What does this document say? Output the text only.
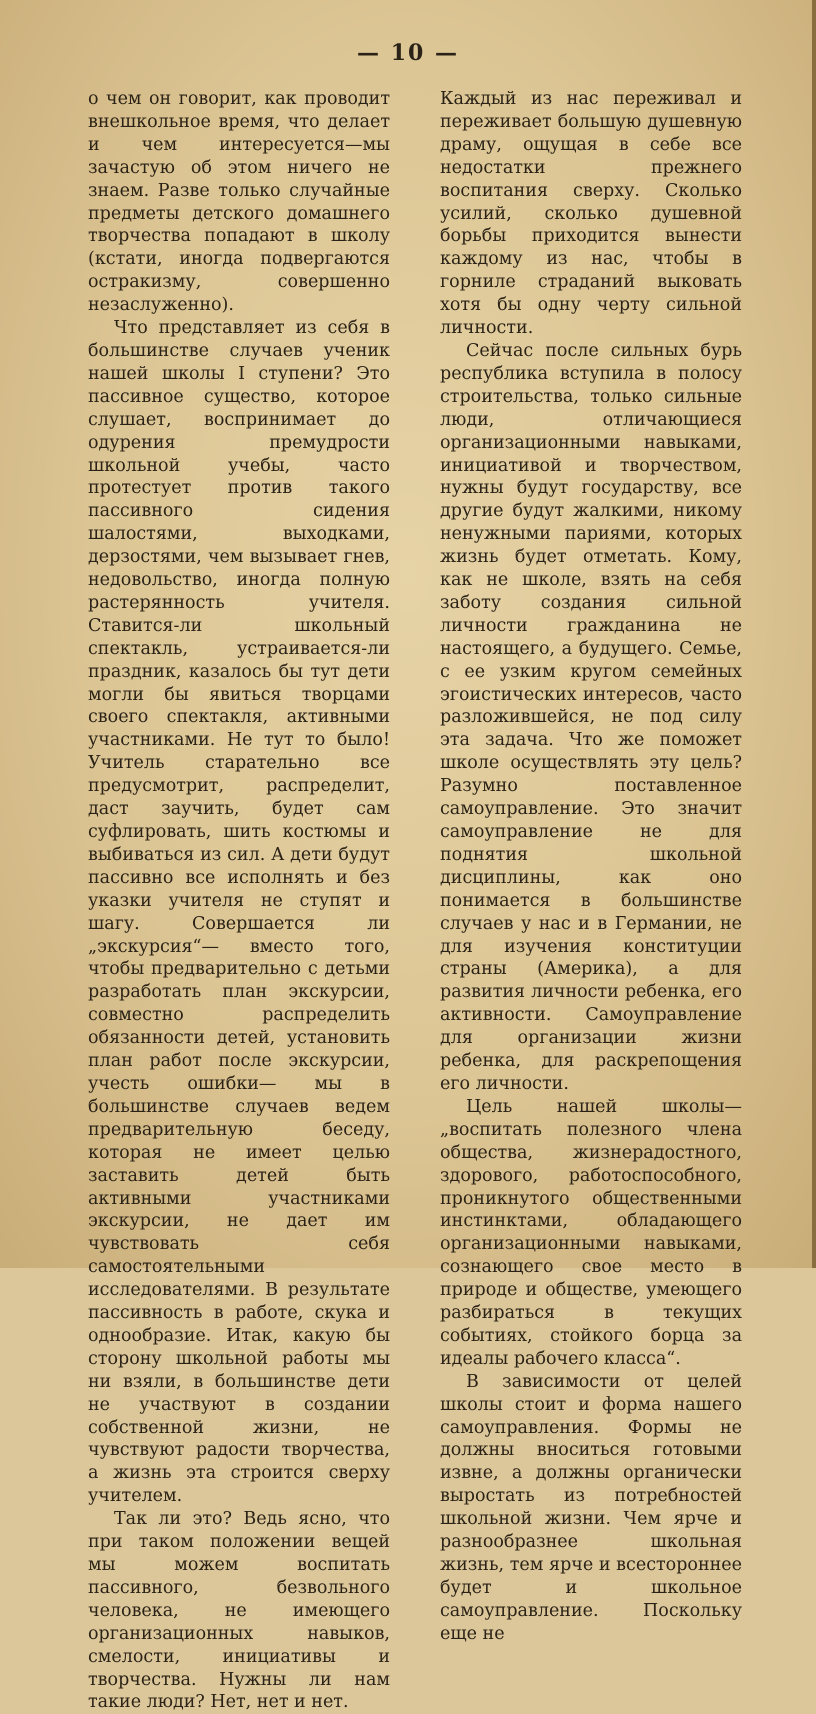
— 10 —

о чем он говорит, как проводит внешкольное время, что делает и чем интересуется—мы зачастую об этом ничего не знаем. Разве только случайные предметы детского домашнего творчества попадают в школу (кстати, иногда подвергаются остракизму, совершенно незаслуженно).

Что представляет из себя в большинстве случаев ученик нашей школы I ступени? Это пассивное существо, которое слушает, воспринимает до одурения премудрости школьной учебы, часто протестует против такого пассивного сидения шалостями, выходками, дерзостями, чем вызывает гнев, недовольство, иногда полную растерянность учителя. Ставится-ли школьный спектакль, устраивается-ли праздник, казалось бы тут дети могли бы явиться творцами своего спектакля, активными участниками. Не тут то было! Учитель старательно все предусмотрит, распределит, даст заучить, будет сам суфлировать, шить костюмы и выбиваться из сил. А дети будут пассивно все исполнять и без указки учителя не ступят и шагу. Совершается ли „экскурсия“— вместо того, чтобы предварительно с детьми разработать план экскурсии, совместно распределить обязанности детей, установить план работ после экскурсии, учесть ошибки— мы в большинстве случаев ведем предварительную беседу, которая не имеет целью заставить детей быть активными участниками экскурсии, не дает им чувствовать себя самостоятельными исследователями. В результате пассивность в работе, скука и однообразие. Итак, какую бы сторону школьной работы мы ни взяли, в большинстве дети не участвуют в создании собственной жизни, не чувствуют радости творчества, а жизнь эта строится сверху учителем.

Так ли это? Ведь ясно, что при таком положении вещей мы можем воспитать пассивного, безвольного человека, не имеющего организационных навыков, смелости, инициативы и творчества. Нужны ли нам такие люди? Нет, нет и нет.

Каждый из нас переживал и переживает большую душевную драму, ощущая в себе все недостатки прежнего воспитания сверху. Сколько усилий, сколько душевной борьбы приходится вынести каждому из нас, чтобы в горниле страданий выковать хотя бы одну черту сильной личности.

Сейчас после сильных бурь республика вступила в полосу строительства, только сильные люди, отличающиеся организационными навыками, инициативой и творчеством, нужны будут государству, все другие будут жалкими, никому ненужными париями, которых жизнь будет отметать. Кому, как не школе, взять на себя заботу создания сильной личности гражданина не настоящего, а будущего. Семье, с ее узким кругом семейных эгоистических интересов, часто разложившейся, не под силу эта задача. Что же поможет школе осуществлять эту цель? Разумно поставленное самоуправление. Это значит самоуправление не для поднятия школьной дисциплины, как оно понимается в большинстве случаев у нас и в Германии, не для изучения конституции страны (Америка), а для развития личности ребенка, его активности. Самоуправление для организации жизни ребенка, для раскрепощения его личности.

Цель нашей школы—„воспитать полезного члена общества, жизнерадостного, здорового, работоспособного, проникнутого общественными инстинктами, обладающего организационными навыками, сознающего свое место в природе и обществе, умеющего разбираться в текущих событиях, стойкого борца за идеалы рабочего класса“.

В зависимости от целей школы стоит и форма нашего самоуправления. Формы не должны вноситься готовыми извне, а должны органически выростать из потребностей школьной жизни. Чем ярче и разнообразнее школьная жизнь, тем ярче и всестороннее будет и школьное самоуправление. Поскольку еще не
